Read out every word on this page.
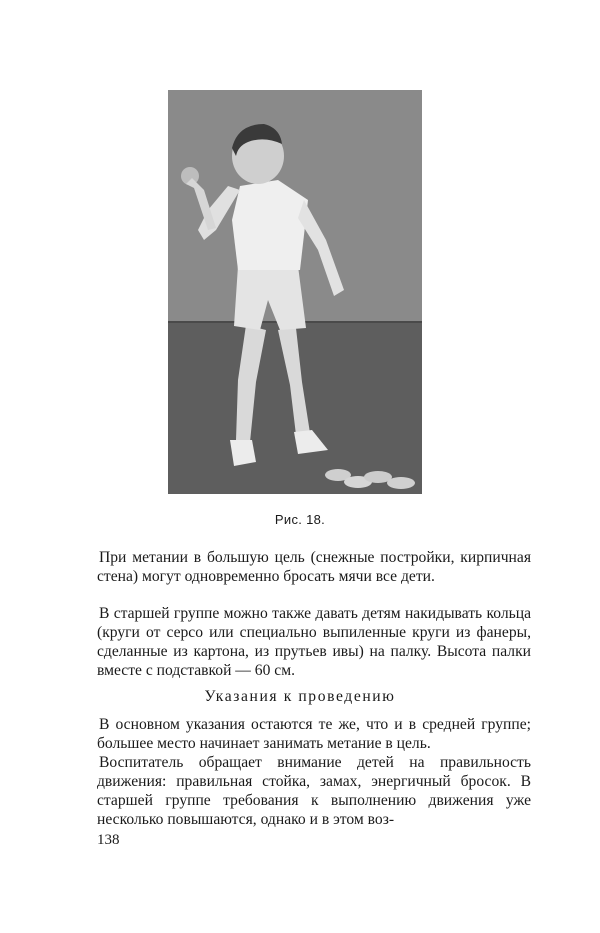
Рис. 18.

При метании в большую цель (снежные постройки, кирпичная стена) могут одновременно бросать мячи все дети.

В старшей группе можно также давать детям накидывать кольца (круги от серсо или специально выпиленные круги из фанеры, сделанные из картона, из прутьев ивы) на палку. Высота палки вместе с подставкой — 60 см.

Указания к проведению

В основном указания остаются те же, что и в средней группе; большее место начинает занимать метание в цель.

Воспитатель обращает внимание детей на правильность движения: правильная стойка, замах, энергичный бросок. В старшей группе требования к выполнению движения уже несколько повышаются, однако и в этом воз-

138
